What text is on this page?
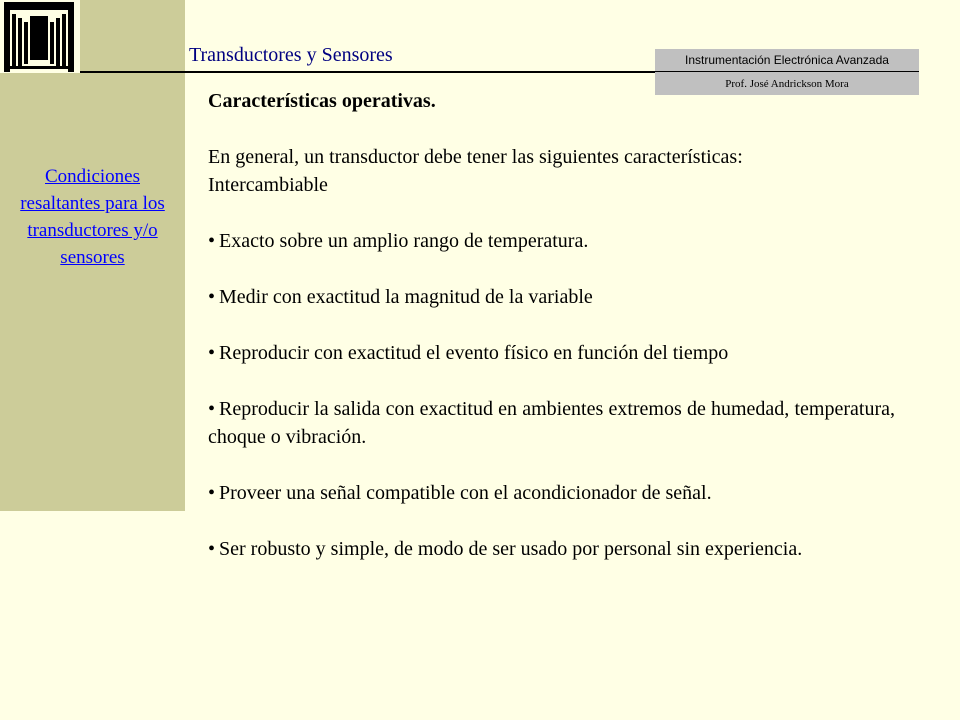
Condiciones resaltantes para los transductores y/o sensores
Transductores y Sensores	Instrumentación Electrónica Avanzada
Prof. José Andrickson Mora

Características operativas.

En general, un transductor debe tener las siguientes características:
Intercambiable

• Exacto sobre un amplio rango de temperatura.

• Medir con exactitud la magnitud de la variable

• Reproducir con exactitud el evento físico en función del tiempo

• Reproducir la salida con exactitud en ambientes extremos de humedad, temperatura, choque o vibración.

• Proveer una señal compatible con el acondicionador de señal.

• Ser robusto y simple, de modo de ser usado por personal sin experiencia.
